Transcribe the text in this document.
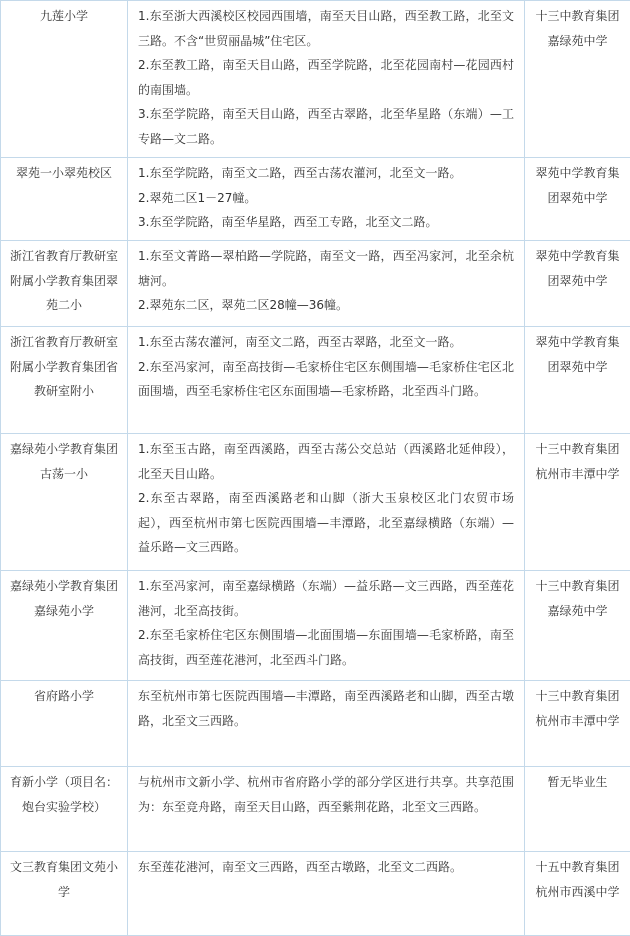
九莲小学	1.东至浙大西溪校区校园西围墙，南至天目山路，西至教工路，北至文三路。不含“世贸丽晶城”住宅区。
2.东至教工路，南至天目山路，西至学院路，北至花园南村—花园西村的南围墙。
3.东至学院路，南至天目山路，西至古翠路，北至华星路（东端）—工专路—文二路。	十三中教育集团嘉绿苑中学
翠苑一小翠苑校区	1.东至学院路，南至文二路，西至古荡农灌河，北至文一路。
2.翠苑二区1－27幢。
3.东至学院路，南至华星路，西至工专路，北至文二路。	翠苑中学教育集团翠苑中学
浙江省教育厅教研室附属小学教育集团翠苑二小	1.东至文菁路—翠柏路—学院路，南至文一路，西至冯家河，北至余杭塘河。
2.翠苑东二区，翠苑二区28幢—36幢。	翠苑中学教育集团翠苑中学
浙江省教育厅教研室附属小学教育集团省教研室附小	1.东至古荡农灌河，南至文二路，西至古翠路，北至文一路。
2.东至冯家河，南至高技街—毛家桥住宅区东侧围墙—毛家桥住宅区北面围墙，西至毛家桥住宅区东面围墙—毛家桥路，北至西斗门路。	翠苑中学教育集团翠苑中学
嘉绿苑小学教育集团古荡一小	1.东至玉古路，南至西溪路，西至古荡公交总站（西溪路北延伸段），北至天目山路。
2.东至古翠路，南至西溪路老和山脚（浙大玉泉校区北门农贸市场起），西至杭州市第七医院西围墙—丰潭路，北至嘉绿横路（东端）—益乐路—文三西路。	十三中教育集团杭州市丰潭中学
嘉绿苑小学教育集团嘉绿苑小学	1.东至冯家河，南至嘉绿横路（东端）—益乐路—文三西路，西至莲花港河，北至高技街。
2.东至毛家桥住宅区东侧围墙—北面围墙—东面围墙—毛家桥路，南至高技街，西至莲花港河，北至西斗门路。	十三中教育集团嘉绿苑中学
省府路小学	东至杭州市第七医院西围墙—丰潭路，南至西溪路老和山脚，西至古墩路，北至文三西路。	十三中教育集团杭州市丰潭中学
育新小学（项目名：炮台实验学校）	与杭州市文新小学、杭州市省府路小学的部分学区进行共享。共享范围为：东至竞舟路，南至天目山路，西至紫荆花路，北至文三西路。	暂无毕业生
文三教育集团文苑小学	东至莲花港河，南至文三西路，西至古墩路，北至文二西路。	十五中教育集团杭州市西溪中学
